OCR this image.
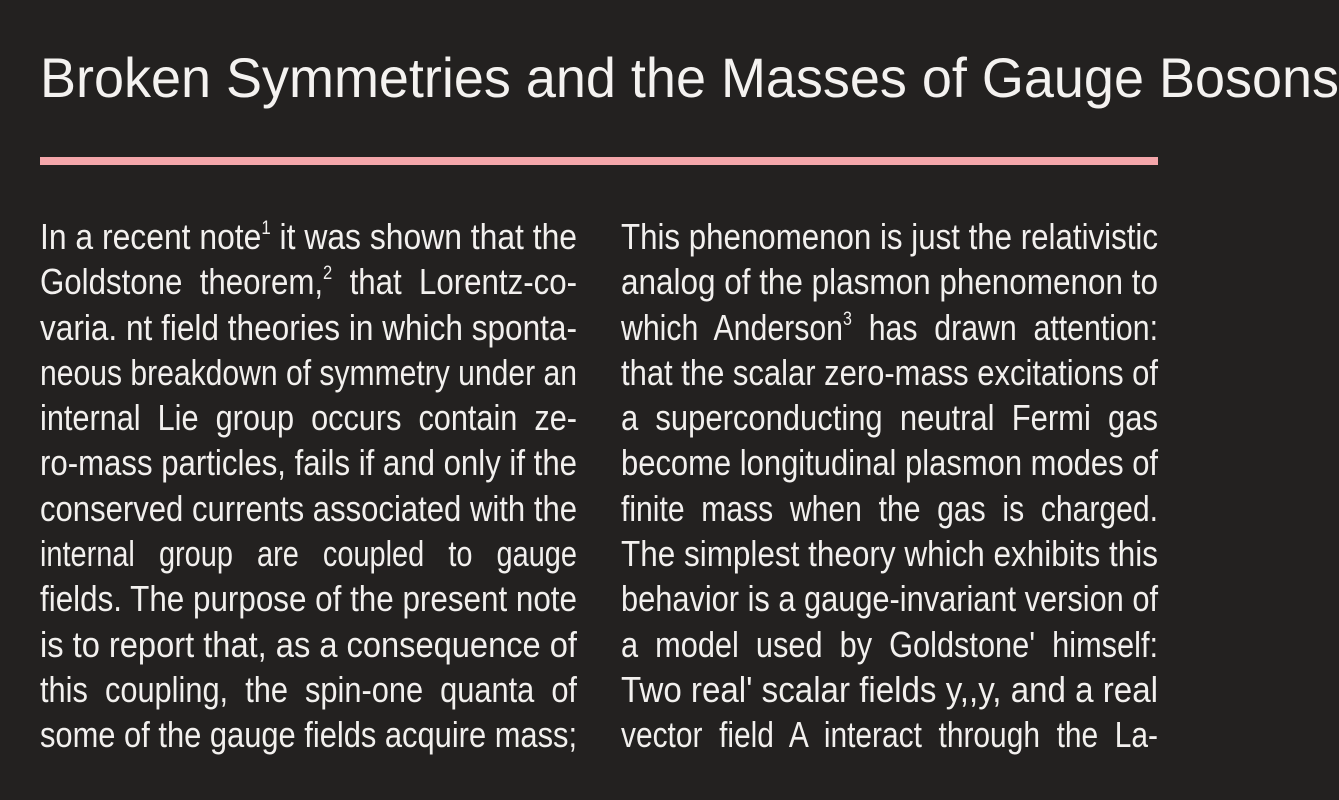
Broken Symmetries and the Masses of Gauge Bosons
In a recent note$^1$ it was shown that the
Goldstone  theorem,$^2$  that  Lorentz-co-
varia. nt field theories in which sponta-
neous breakdown of symmetry under an
internal  Lie  group  occurs  contain  ze-
ro-mass particles, fails if and only if the
conserved currents associated with the
internal   group   are   coupled   to   gauge
fields. The purpose of the present note
is to report that, as a consequence of
this  coupling,  the  spin-one  quanta  of
some of the gauge fields acquire mass;
This phenomenon is just the relativistic
analog of the plasmon phenomenon to
which  Anderson$^3$  has  drawn  attention:
that the scalar zero-mass excitations of
a  superconducting  neutral  Fermi  gas
become longitudinal plasmon modes of
finite  mass  when  the  gas  is  charged.
The simplest theory which exhibits this
behavior is a gauge-invariant version of
a  model  used  by  Goldstone'  himself:
Two real' scalar fields y,,y, and a real
vector  field  A  interact  through  the  La-
